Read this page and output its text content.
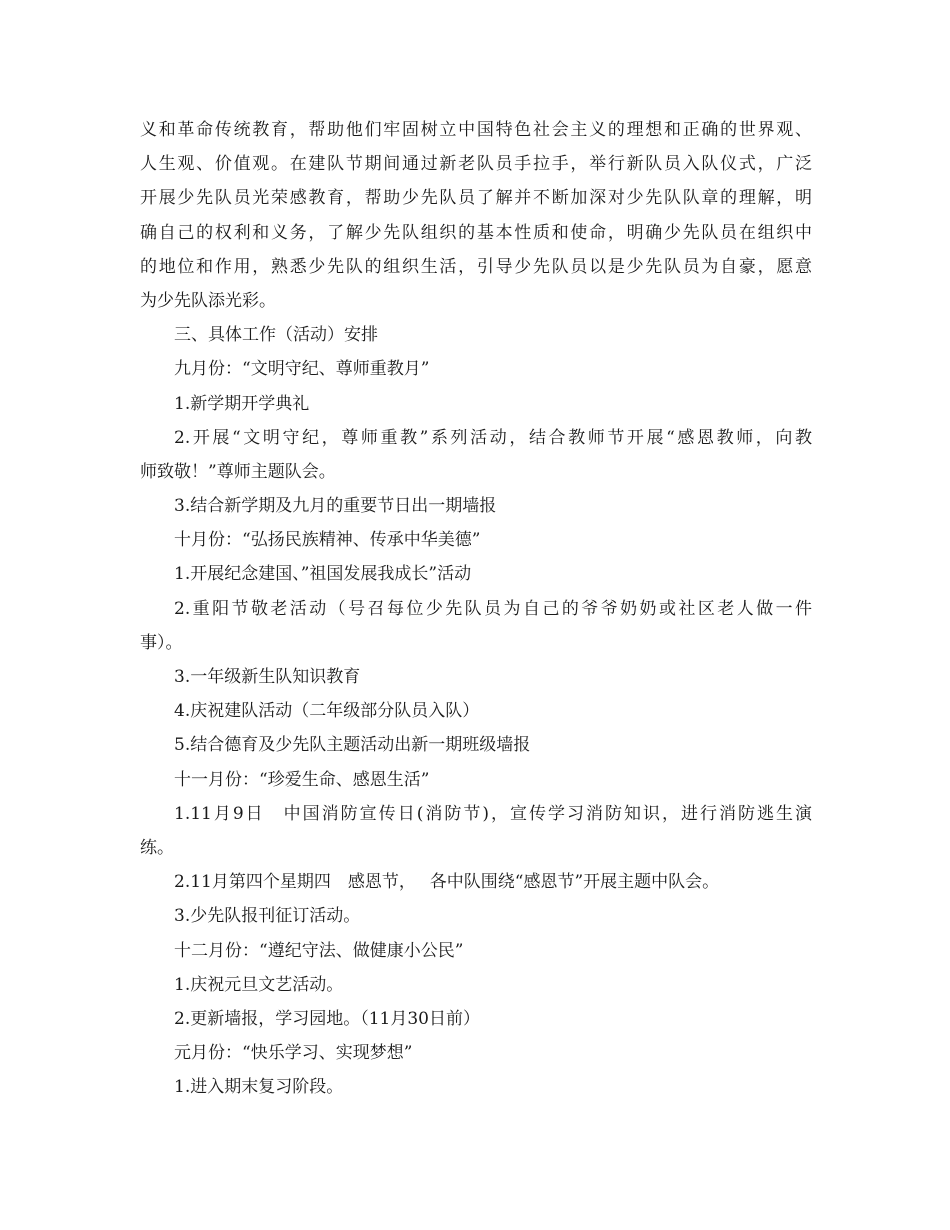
义和革命传统教育，帮助他们牢固树立中国特色社会主义的理想和正确的世界观、
人生观、价值观。在建队节期间通过新老队员手拉手，举行新队员入队仪式，广泛
开展少先队员光荣感教育，帮助少先队员了解并不断加深对少先队队章的理解，明
确自己的权利和义务，了解少先队组织的基本性质和使命，明确少先队员在组织中
的地位和作用，熟悉少先队的组织生活，引导少先队员以是少先队员为自豪，愿意
为少先队添光彩。
三、具体工作（活动）安排
九月份：“文明守纪、尊师重教月”
1.新学期开学典礼
2.开展“文明守纪，尊师重教”系列活动，结合教师节开展“感恩教师，向教
师致敬！”尊师主题队会。
3.结合新学期及九月的重要节日出一期墙报
十月份：“弘扬民族精神、传承中华美德”
1.开展纪念建国、”祖国发展我成长”活动
2.重阳节敬老活动（号召每位少先队员为自己的爷爷奶奶或社区老人做一件
事）。
3.一年级新生队知识教育
4.庆祝建队活动（二年级部分队员入队）
5.结合德育及少先队主题活动出新一期班级墙报
十一月份：“珍爱生命、感恩生活”
1.11月9日　中国消防宣传日(消防节)，宣传学习消防知识，进行消防逃生演
练。
2.11月第四个星期四　感恩节，　 各中队围绕“感恩节”开展主题中队会。
3.少先队报刊征订活动。
十二月份：“遵纪守法、做健康小公民”
1.庆祝元旦文艺活动。
2.更新墙报，学习园地。（11月30日前）
元月份：“快乐学习、实现梦想”
1.进入期末复习阶段。
